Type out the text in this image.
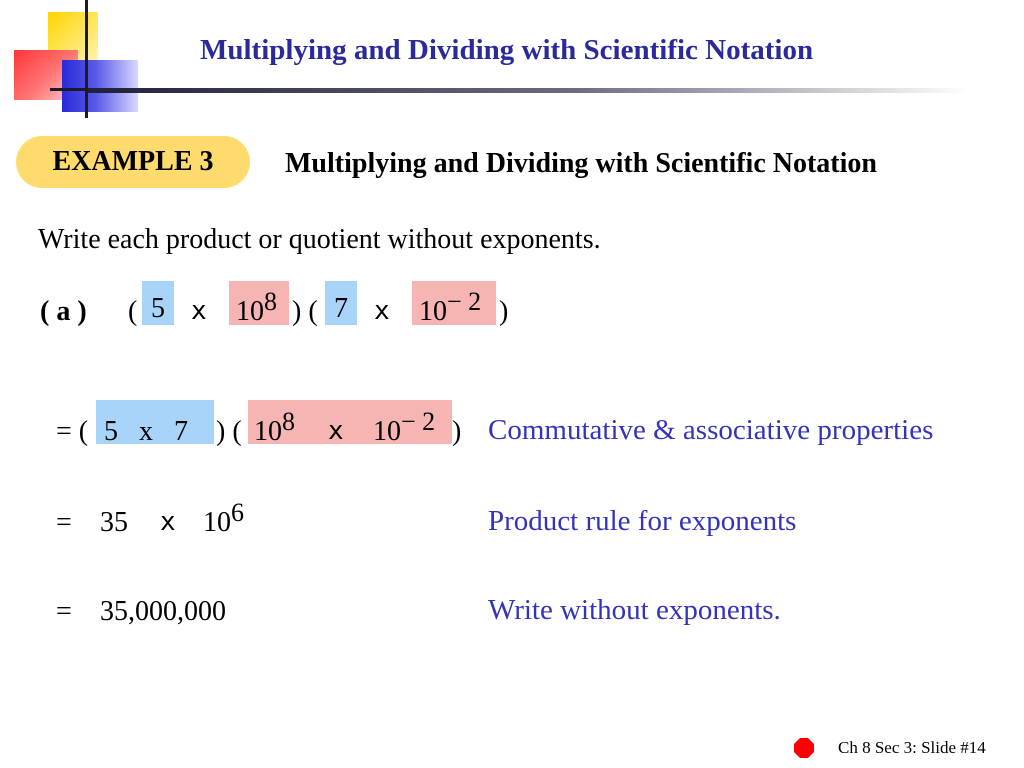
Multiplying and Dividing with Scientific Notation
EXAMPLE 3	Multiplying and Dividing with Scientific Notation
Write each product or quotient without exponents.
( a ) ( 5	x $10^8$ ) ( 7	x $10^{- 2}$ )
= ( 5   x   7 ) ( $10^8$ x $10^{- 2}$ ) Commutative & associative properties
= 35 x $10^6$	Product rule for exponents
= 35,000,000	Write without exponents.
Ch 8 Sec 3: Slide #14
